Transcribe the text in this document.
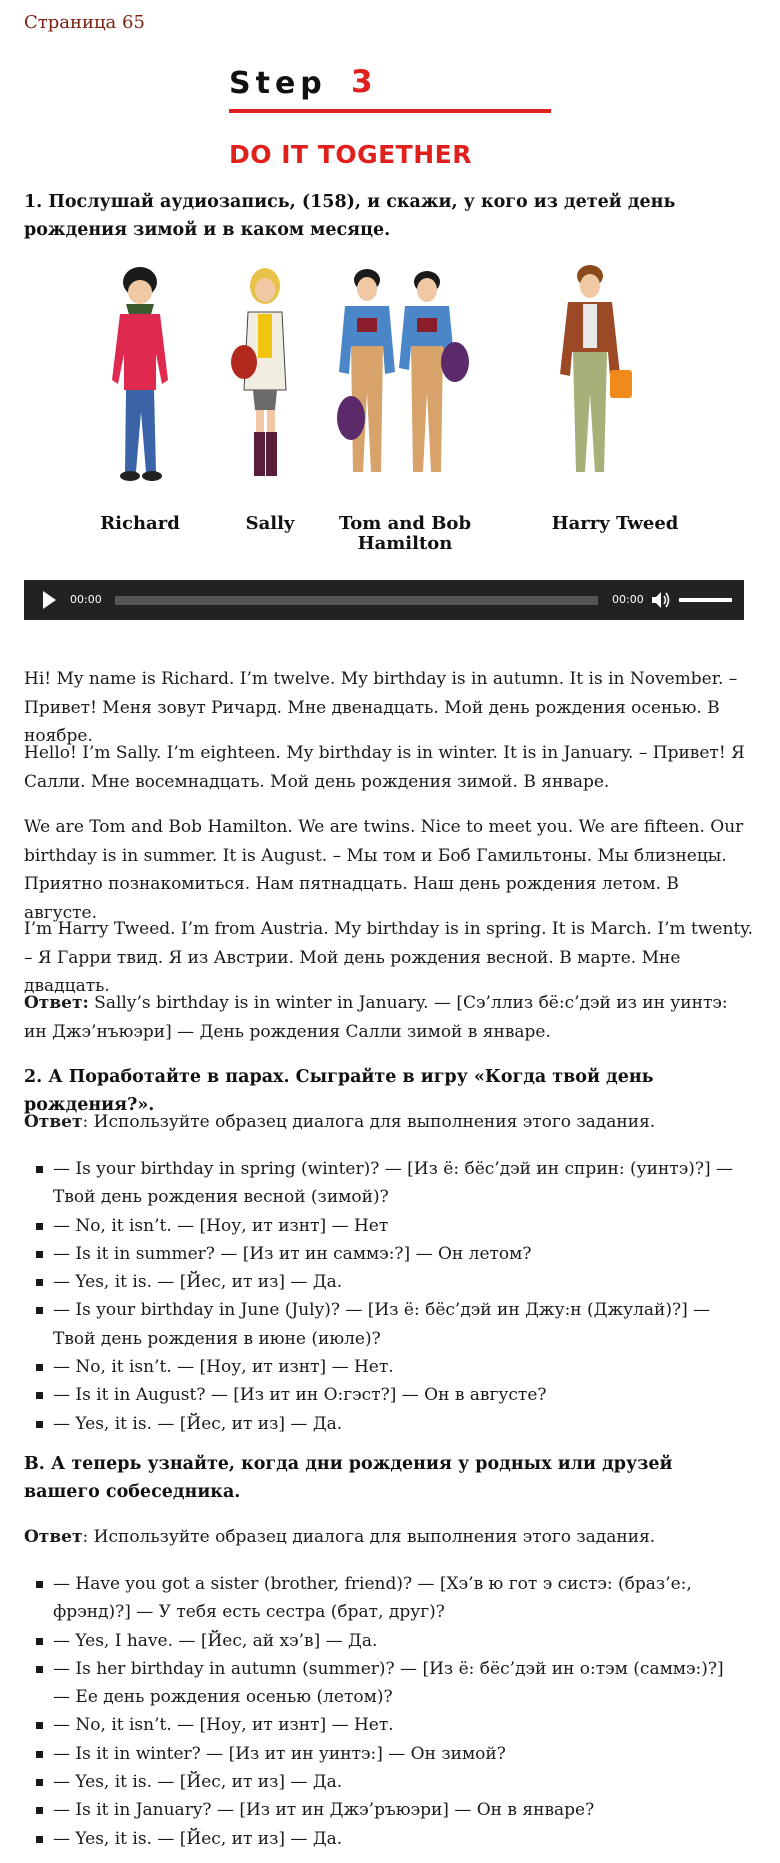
Страница 65
Step 3
DO IT TOGETHER
1. Послушай аудиозапись, (158), и скажи, у кого из детей день рождения зимой и в каком месяце.
Richard	Sally	Tom and Bob Hamilton
Harry Tweed
00:00	00:00

Hi! My name is Richard. I’m twelve. My birthday is in autumn. It is in November. – Привет! Меня зовут Ричард. Мне двенадцать. Мой день рождения осенью. В ноябре.

Hello! I’m Sally. I’m eighteen. My birthday is in winter. It is in January. – Привет! Я Салли. Мне восемнадцать. Мой день рождения зимой. В январе.

We are Tom and Bob Hamilton. We are twins. Nice to meet you. We are fifteen. Our birthday is in summer. It is August. – Мы том и Боб Гамильтоны. Мы близнецы. Приятно познакомиться. Нам пятнадцать. Наш день рождения летом. В августе.

I’m Harry Tweed. I’m from Austria. My birthday is in spring. It is March. I’m twenty. – Я Гарри твид. Я из Австрии. Мой день рождения весной. В марте. Мне двадцать.

Ответ: Sally’s birthday is in winter in January. — [Сэ’ллиз бё:с’дэй из ин уинтэ: ин Джэ’нъюэри] — День рождения Салли зимой в январе.

2. А Поработайте в парах. Сыграйте в игру «Когда твой день рождения?».

Ответ: Используйте образец диалога для выполнения этого задания.

— Is your birthday in spring (winter)? — [Из ё: бёс’дэй ин сприн: (уинтэ)?] — Твой день рождения весной (зимой)?
— No, it isn’t. — [Ноу, ит изнт] — Нет
— Is it in summer? — [Из ит ин саммэ:?] — Он летом?
— Yes, it is. — [Йес, ит из] — Да.
— Is your birthday in June (July)? — [Из ё: бёс’дэй ин Джу:н (Джулай)?] — Твой день рождения в июне (июле)?
— No, it isn’t. — [Ноу, ит изнт] — Нет.
— Is it in August? — [Из ит ин О:гэст?] — Он в августе?
— Yes, it is. — [Йес, ит из] — Да.
В. А теперь узнайте, когда дни рождения у родных или друзей вашего собеседника.

Ответ: Используйте образец диалога для выполнения этого задания.

— Have you got a sister (brother, friend)? — [Хэ’в ю гот э систэ: (браз’е:, фрэнд)?] — У тебя есть сестра (брат, друг)?
— Yes, I have. — [Йес, ай хэ’в] — Да.
— Is her birthday in autumn (summer)? — [Из ё: бёс’дэй ин о:тэм (саммэ:)?] — Ее день рождения осенью (летом)?
— No, it isn’t. — [Ноу, ит изнт] — Нет.
— Is it in winter? — [Из ит ин уинтэ:] — Он зимой?
— Yes, it is. — [Йес, ит из] — Да.
— Is it in January? — [Из ит ин Джэ’ръюэри] — Он в январе?
— Yes, it is. — [Йес, ит из] — Да.
